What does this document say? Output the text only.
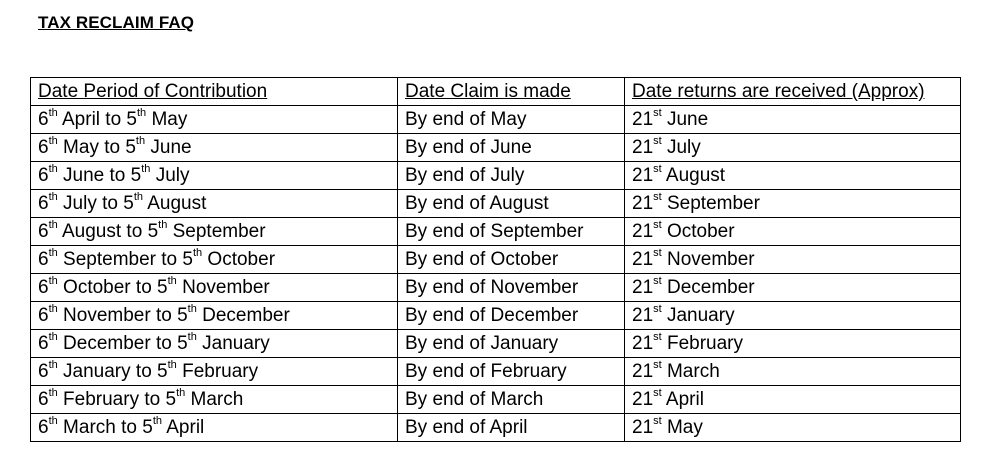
TAX RECLAIM FAQ
Date Period of Contribution	Date Claim is made	Date returns are received (Approx)
6th April to 5th May	By end of May	21st June
6th May to 5th June	By end of June	21st July
6th June to 5th July	By end of July	21st August
6th July to 5th August	By end of August	21st September
6th August to 5th September	By end of September	21st October
6th September to 5th October	By end of October	21st November
6th October to 5th November	By end of November	21st December
6th November to 5th December	By end of December	21st January
6th December to 5th January	By end of January	21st February
6th January to 5th February	By end of February	21st March
6th February to 5th March	By end of March	21st April
6th March to 5th April	By end of April	21st May
